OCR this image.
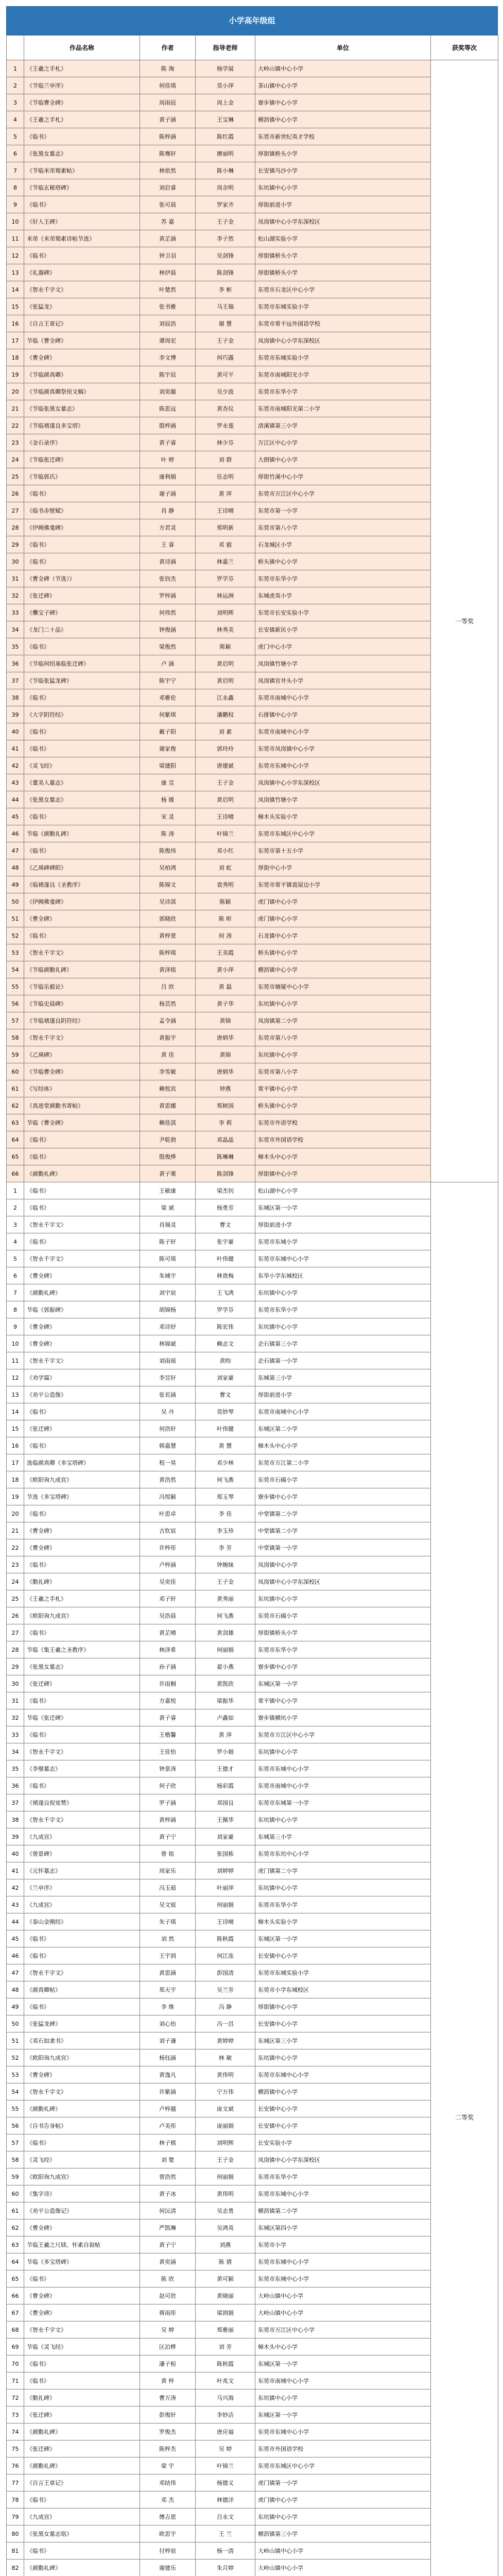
小学高年级组
	作品名称	作者	指导老师	单位	获奖等次
1	《王羲之手札》	陈 淘	杨学展	大岭山镇中心小学	一等奖
2	《节临兰亭序》	何佳琪	莫小萍	茶山镇中心小学	
3	《节临曹全碑》	周雨辰	周上金	寮步镇中心小学	
4	《王羲之手札》	黄子涵	王宝琳	横沥镇中心小学	
5	《临书》	陈梓涵	陈红霞	东莞市新世纪英才学校	
6	《张黑女墓志》	陈骞轩	廖丽明	厚街镇桥头小学	
7	《节临米芾蜀素帖》	林依然	陈小琳	长安镇乌沙小学	
8	《节临玄秘塔碑》	刘启睿	周余明	东坑镇中心小学	
9	《临书》	张可晨	罗家齐	厚街前进小学	
10	《好人王碑》	苏 嘉	王子金	凤岗镇中心小学东深校区	
11	米芾《米芾蜀素诗帖节选》	黄芷涵	李子然	松山湖实验小学	
12	《临书》	钟卫羽	吴剑锋	厚街镇桥头小学	
13	《礼器碑》	林伊晨	陈剑锋	厚街镇桥头小学	
14	《智永千字文》	叶楚然	李 彬	东莞市石龙区中心小学	
15	《张猛龙》	张书雅	马王瑞	东莞市东城实验小学	
16	《自言王章记》	刘辰浩	谢 慧	东莞市常平远外国语学校	
17	节临《曹全碑》	谭周宏	王子金	凤岗镇中心小学东深校区	
18	《曹全碑》	李文博	何巧露	东莞市东城实验小学	
19	《节临颜真卿》	陈宇辰	黄可平	东莞市南城阳光小学	
20	《节临颜真卿祭侄文稿》	刘奕璇	吴少波	东莞市东华小学	
21	《节临张黑女墓志》	陈思远	黄杏仪	东莞市南城阳光第二小学	
22	《节临褚遂良多宝塔》	殷梓涵	罗永莲	清溪镇第三小学	
23	《金石录序》	黄子睿	林少芬	万江区中心小学	
24	《节临张迁碑》	叶 婷	刘 群	大朗镇中心小学	
25	《节临郭氏》	康利娟	任志明	厚街竹溪中心小学	
26	《临书》	谢子涵	黄 萍	东莞市万江区中心小学	
27	《临书赤壁赋》	肖 静	王诗晴	东莞市第一小学	
28	《伊阙佛龛碑》	方君灵	郑明新	东莞市第八小学	
29	《临书》	王 睿	邓 毅	石龙城区小学	
30	《临书》	黄诗涵	林嘉兰	桥头镇中心小学	
31	《曹全碑（节选）》	张钧杰	罗学芬	东莞市东华小学	
32	《张迁碑》	罗梓涵	林运洲	东城虎英小学	
33	《爨宝子碑》	何伟然	刘明辉	东莞市长安实验小学	
34	《龙门二十品》	钟俊涵	林秀美	长安镇新民小学	
35	《临书》	梁俊然	陈颖	虎门中心小学	
36	《节临何绍基临张迁碑》	卢 涵	黄启明	凤岗镇竹塘小学	
37	《节临张猛龙碑》	陈宇宁	黄启明	凤岗镇官井头小学	
38	《临书》	邓雅伦	江永鑫	东莞市南城中心小学	
39	《大字阴符经》	何紫琪	潘鹏权	石排镇中心小学	
40	《临书》	戴子阳	刘 素	东莞市南城中心小学	
41	《临书》	谢家俊	郭玲玲	东莞市凤岗镇中心小学	
42	《灵飞经》	梁建阳	唐建斌	东莞市东城中心小学	
43	《董美人墓志》	康 昱	王子金	凤岗镇中心小学东深校区	
44	《张黑女墓志》	杨 媛	黄启明	凤岗镇竹塘小学	
45	《临书》	宋 灵	王诗晴	樟木头实验小学	
46	节临《颜勤礼碑》	陈 涛	叶锦兰	东莞市东城区中心小学	
47	《临书》	陈俊玮	邓小红	东莞市第十五小学	
48	《乙瑛碑碑阳》	吴柏鸿	刘 虹	厚街中心小学	
49	《临褚遂良《圣教序》	陈锦文	袁秀明	东莞市常平镇袁屋边小学	
50	《伊阙佛龛碑》	吴诗淇	陈颖	虎门镇中心小学	
51	《曹全碑》	郭晓欣	陈 昕	虎门镇中心小学	
52	《临书》	黄梓萱	何 涛	石龙镇中心小学	
53	《智永千字文》	陈梓琪	王美霞	桥头镇中心小学	
54	《节临颜勤礼碑》	黄泽铭	黄小萍	横沥镇中心小学	
55	《节临乐毅论》	吕 欣	黄 磊	东莞市塘厦中心小学	
56	《节临史晨碑》	杨芸然	黄子华	东坑镇中心小学	
57	《节临褚遂良阴符经》	孟令涵	黄锦	凤岗镇第二小学	
58	《智永千字文》	黄振宇	唐炳华	东莞市第八小学	
59	《乙瑛碑》	黄 佳	黄锦	东坑镇中心小学	
60	《节临曹全碑》	李雪敏	唐炳华	东莞市第八小学	
61	《写经体》	赖悦宾	钟燕	常平镇中心小学	
62	《真迹堂颜勤书寄帖》	黄思娜	郑树国	桥头镇中心小学	
63	节临《曹全碑》	赖佳淇	李 莉	东莞市外语学校	
64	《临书》	尹乾勃	邓晶晶	东莞市外国语学校	
65	《临书》	殷俊烨	陈琳琳	樟木头中心小学	
66	《颜勤礼碑》	黄子栗	陈剑锋	厚街镇中心小学	
1	《临书》	王敏康	梁杰钊	松山湖中心小学	二等奖
2	《临书》	梁 斌	杨勇芳	东城区第一小学	
3	《智永千字文》	肖瑞灵	曹文	厚街前进小学	
4	《临书》	陈子轩	张宇豪	东莞市东城小学	
5	《智永千字文》	陈可琪	叶伟健	东莞市东城中心小学	
6	《曹全碑》	朱城宇	林贵梅	东华小学东城校区	
7	《颜勤礼碑》	刘宇宸	王飞鸿	东坑镇中心小学	
8	节临《郭振碑》	胡锦杨	罗学芬	东莞市东华小学	
9	《曹全碑》	邓诗妤	陈宏伟	东坑镇中心小学	
10	《曹全碑》	林锦斌	赖志文	企石镇第三小学	
11	《智永千字文》	刘雨瑶	黄昀	企石镇第一小学	
12	《劝学篇》	李昱轩	刘家豪	东城第三小学	
13	《劝平公造像》	张若涵	曹文	厚街前进小学	
14	《临书》	吴 丹	莫妙琴	东莞市南城中心小学	
15	《张迁碑》	何浩轩	叶伟健	东城区第二小学	
16	《临书》	韩嘉慧	黄 慧	樟木头中心小学	
17	选临颜真卿《多宝塔碑》	程一昊	邓少林	东莞市万江第二小学	
18	《欧阳询九成宫》	黄浩然	何飞燕	东莞市石碣小学	
19	节选《多宝塔碑》	冯悦颖	郑玉琴	寮步镇中心小学	
20	《临书》	叶思卓	李 佳	中堂镇第二小学	
21	《曹全碑》	古钦宸	李玉珍	中堂镇第二小学	
22	《曹全碑》	许梓彤	李 芳	中堂镇第一小学	
23	《临书》	卢梓涵	钟婉妹	凤岗镇中心小学	
24	《勤礼碑》	吴奕佳	王子金	凤岗镇中心小学东深校区	
25	《王羲之手札》	邓子轩	黄秀丽	东坑镇中心小学	
26	《欧阳询九成宫》	吴浩晨	何飞燕	东莞市石碣小学	
27	《临书》	黄芷晴	黄剑雄	厚街镇桥头小学	
28	节临《集王羲之圣教序》	林泽希	何丽娟	东莞市东华小学	
29	《张黑女墓志》	孙子涵	翟小燕	寮步镇中心小学	
30	《张迁碑》	许雨桐	黄凯欣	东城区第一小学	
31	《临书》	方嘉悦	梁振华	常平镇中心小学	
32	节临《张迁碑》	黄子睿	卢鑫如	寮步镇横坑小学	
33	《临书》	王楷馨	黄 萍	东莞市万江区中心小学	
34	《智永千字文》	王佳怡	罗小娟	东坑镇中心小学	
35	《李璧墓志》	钟景涛	王德才	东莞市东城中心小学	
36	《临书》	何子欣	杨彩霞	东莞市南城中心小学	
37	《褚遂良倪宽赞》	罗子涵	邓国良	东莞市东城第一小学	
38	《智永千字文》	黄梓涵	王佩华	东坑镇中心小学	
39	《九成宫》	黄子宁	刘家豪	东城第三小学	
40	《曾景碑》	曾 铭	张国栋	东莞市东坑中心小学	
41	《元怀墓志》	周家乐	刘婷婷	虎门镇第二小学	
42	《兰亭序》	冯玉茹	叶丽萍	东坑镇中心小学	
43	《九成宫》	吴文锐	何丽娟	东莞市东华小学	
44	《泰山金刚经》	朱子琪	王诗晴	樟木头实验小学	
45	《临书》	刘 然	陈秋霞	东城区第一小学	
46	《临书》	王宇润	何江连	长安镇中心小学	
47	《智永千字文》	黄思涵	彭国清	东莞市东城实验小学	
48	《颜真卿帖》	郑天宇	吴兰芳	东莞市小学东城校区	
49	《临书》	李 维	冯 静	厚街镇中心小学	
50	《张猛龙碑》	刘心怡	冯一昌	长安镇中心小学	
51	《邓石如隶书》	刘子谦	黄婷婷	东城区第三小学	
52	《欧阳询九成宫》	杨钰涵	林 敏	东坑镇中心小学	
53	《曹全碑》	黄逸凡	黄伟明	东莞市东城中心小学	
54	《智永千字文》	许紫涵	宁万伟	横沥镇中心小学	
55	《颜勤礼碑》	卢梓越	庞文斌	长安镇中心小学	
56	《自书告身帖》	卢美彤	庞丽娟	长安镇中心小学	
57	《临书》	林子棋	刘明辉	长安实验小学	
58	《灵飞经》	刘 楚	王子金	凤岗镇中心小学东深校区	
59	《欧阳询九成宫》	曾浩然	何丽娟	东莞市东华小学	
60	《集字诗》	黄子冰	黄伟明	东莞市东城中心小学	
61	《劝平公造像记》	何沅清	吴志勇	横沥镇第二小学	
62	《曹全碑》	严凯琳	吴鸿英	东城区第四小学	
63	节临王羲之尺牍、怀素自叙帖	黄子宁	刘燕	东莞市小学	
64	节临《多宝塔碑》	黄奕涵	陈 倩	东莞市东城中心小学	
65	《临书》	陈 欣	黄可颖	东莞市东城中心小学	
66	《曹全碑》	赵可欣	黄晓丽	大岭山镇中心小学	
67	《曹全碑》	蒋雨彤	梁润娟	大岭山镇中心小学	
68	《智永千字文》	吴 婷	郑雅丽	东莞市万江区中心小学	
69	节临《灵飞经》	区泊桦	刘 芳	樟木头中心小学	
70	《临书》	潘子桓	陈秋霞	东城区第一小学	
71	《临书》	黄 梓	叶兆文	东莞市南城中心小学	
72	《勤礼碑》	曹万涛	马兴海	东坑镇中心小学	
73	《张迁碑》	彭俊轩	李妙洁	东城区第一小学	
74	《颜勤礼碑》	罗俊杰	唐应福	东莞市东城中心小学	
75	《张迁碑》	陈梓杰	吴 婷	东莞市外国语学校	
76	《颜勤礼碑》	梁 宇	叶锦兰	东莞市东城区中心小学	
77	《自言王章记》	邓结伟	杨德义	虎门镇第一小学	
78	《临书》	邓 杰	林德洋	虎门镇中心小学	
79	《九成宫》	傅吉恩	吕永文	东坑镇中心小学	
80	《张黑女墓志铭》	欧思宇	王 兰	横沥镇第三小学	
81	《临书》	付梓宸	杨一清	大岭山镇中心小学	
82	《颜勤礼碑》	谢建乐	朱月婷	大岭山镇中心小学	
